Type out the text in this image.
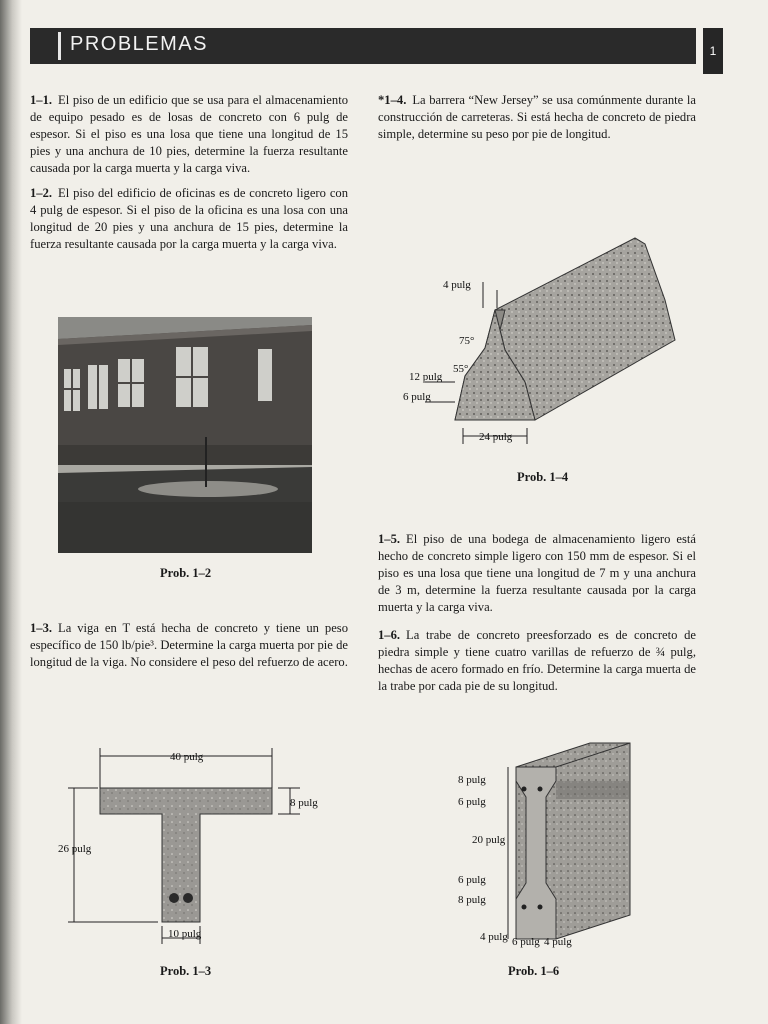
PROBLEMAS	1

1–1. El piso de un edificio que se usa para el almacenamiento de equipo pesado es de losas de concreto con 6 pulg de espesor. Si el piso es una losa que tiene una longitud de 15 pies y una anchura de 10 pies, determine la fuerza resultante causada por la carga muerta y la carga viva.

1–2. El piso del edificio de oficinas es de concreto ligero con 4 pulg de espesor. Si el piso de la oficina es una losa con una longitud de 20 pies y una anchura de 15 pies, determine la fuerza resultante causada por la carga muerta y la carga viva.

Prob. 1–2

1–3. La viga en T está hecha de concreto y tiene un peso específico de 150 lb/pie³. Determine la carga muerta por pie de longitud de la viga. No considere el peso del refuerzo de acero.

40 pulg
8 pulg
26 pulg
10 pulg
Prob. 1–3

*1–4. La barrera “New Jersey” se usa comúnmente durante la construcción de carreteras. Si está hecha de concreto de piedra simple, determine su peso por pie de longitud.

4 pulg
75°
55°
12 pulg
6 pulg
24 pulg
Prob. 1–4

1–5. El piso de una bodega de almacenamiento ligero está hecho de concreto simple ligero con 150 mm de espesor. Si el piso es una losa que tiene una longitud de 7 m y una anchura de 3 m, determine la fuerza resultante causada por la carga muerta y la carga viva.

1–6. La trabe de concreto preesforzado es de concreto de piedra simple y tiene cuatro varillas de refuerzo de ¾ pulg, hechas de acero formado en frío. Determine la carga muerta de la trabe por cada pie de su longitud.

8 pulg
6 pulg
20 pulg
6 pulg
8 pulg
4 pulg 6 pulg 4 pulg
Prob. 1–6
